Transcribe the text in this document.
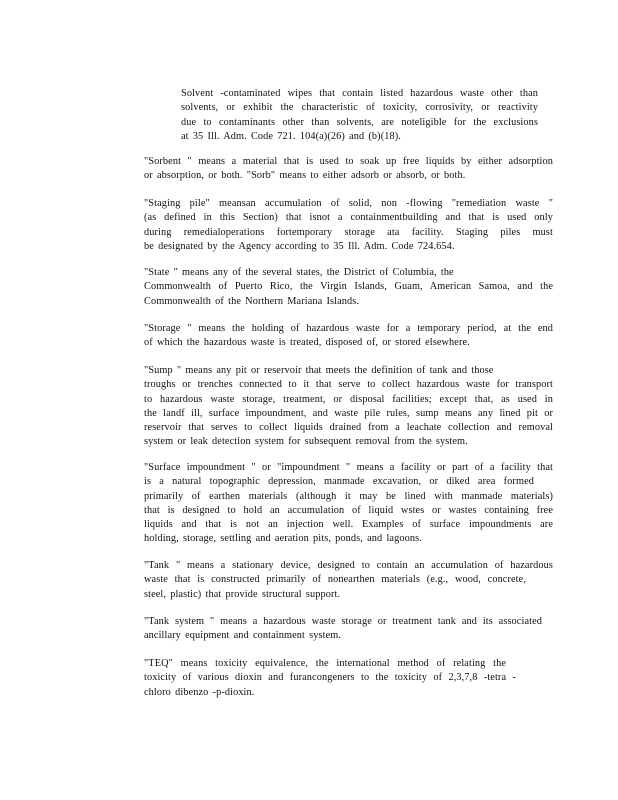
Solvent -contaminated wipes that contain listed hazardous waste other than
solvents, or exhibit the characteristic of toxicity, corrosivity, or reactivity
due to contaminants other than solvents, are noteligible for the exclusions
at 35 Ill. Adm. Code 721. 104(a)(26) and (b)(18).
"Sorbent " means a material that is used to soak up free liquids by either adsorption
or absorption, or both. "Sorb" means to either adsorb or absorb, or both.
"Staging pile" meansan accumulation of solid, non -flowing "remediation waste "
(as defined in this Section) that isnot a containmentbuilding and that is used only
during remedialoperations fortemporary storage ata facility. Staging piles must
be designated by the Agency according to 35 Ill. Adm. Code 724.654.
"State " means any of the several states, the District of Columbia, the
Commonwealth of Puerto Rico, the Virgin Islands, Guam, American Samoa, and the
Commonwealth of the Northern Mariana Islands.
"Storage " means the holding of hazardous waste for a temporary period, at the end
of which the hazardous waste is treated, disposed of, or stored elsewhere.
"Sump " means any pit or reservoir that meets the definition of tank and those
troughs or trenches connected to it that serve to collect hazardous waste for transport
to hazardous waste storage, treatment, or disposal facilities; except that, as used in
the landf ill, surface impoundment, and waste pile rules, sump means any lined pit or
reservoir that serves to collect liquids drained from a leachate collection and removal
system or leak detection system for subsequent removal from the system.
"Surface impoundment " or "impoundment " means a facility or part of a facility that
is a natural topographic depression, manmade excavation, or diked area formed
primarily of earthen materials (although it may be lined with manmade materials)
that is designed to hold an accumulation of liquid wstes or wastes containing free
liquids and that is not an injection well. Examples of surface impoundments are
holding, storage, settling and aeration pits, ponds, and lagoons.
"Tank " means a stationary device, designed to contain an accumulation of hazardous
waste that is constructed primarily of nonearthen materials (e.g., wood, concrete,
steel, plastic) that provide structural support.
"Tank system " means a hazardous waste storage or treatment tank and its associated
ancillary equipment and containment system.
"TEQ" means toxicity equivalence, the international method of relating the
toxicity of various dioxin and furancongeners to the toxicity of 2,3,7,8 -tetra -
chloro dibenzo -p-dioxin.
